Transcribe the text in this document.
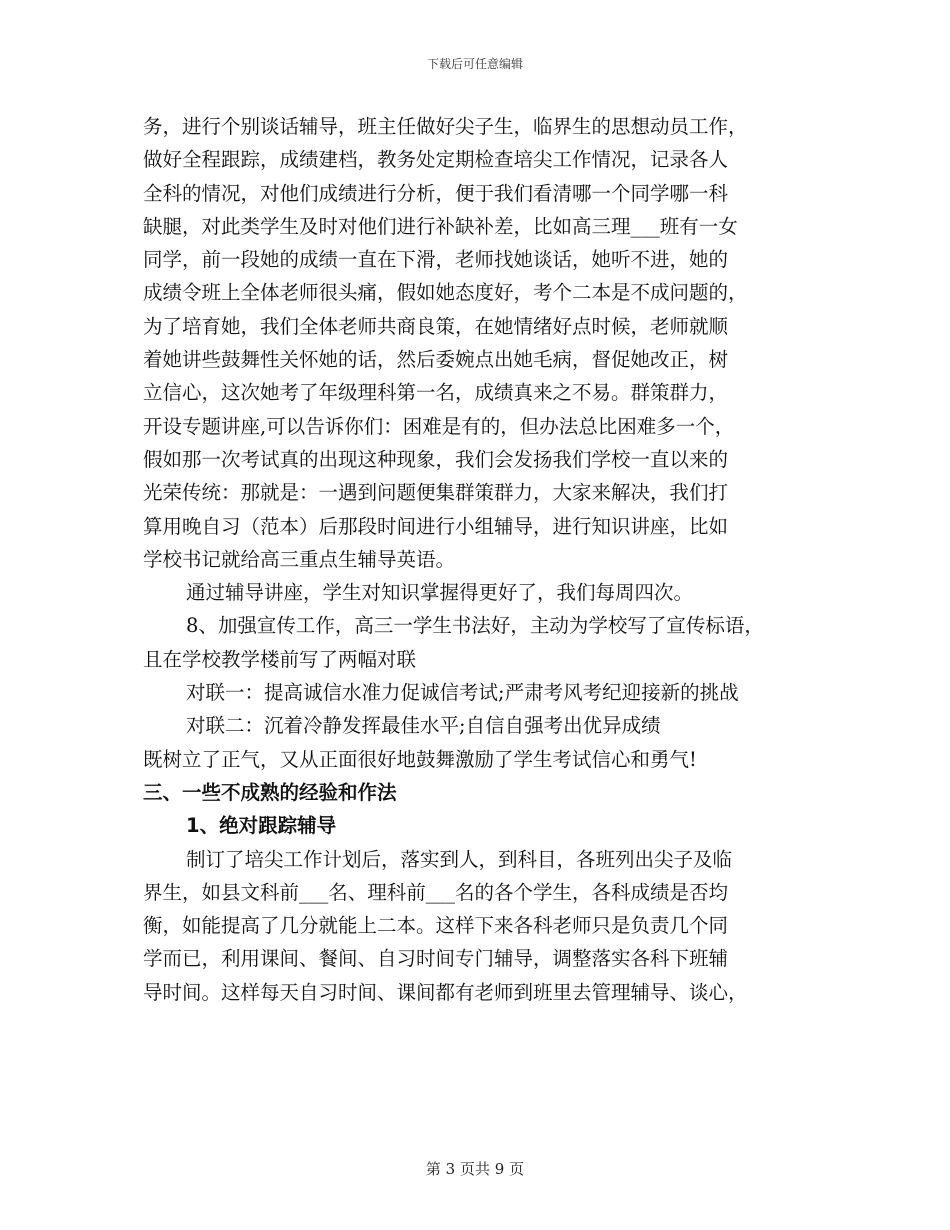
下载后可任意编辑
务，进行个别谈话辅导，班主任做好尖子生，临界生的思想动员工作，
做好全程跟踪，成绩建档，教务处定期检查培尖工作情况，记录各人
全科的情况，对他们成绩进行分析，便于我们看清哪一个同学哪一科
缺腿，对此类学生及时对他们进行补缺补差，比如高三理___班有一女
同学，前一段她的成绩一直在下滑，老师找她谈话，她听不进，她的
成绩令班上全体老师很头痛，假如她态度好，考个二本是不成问题的，
为了培育她，我们全体老师共商良策，在她情绪好点时候，老师就顺
着她讲些鼓舞性关怀她的话，然后委婉点出她毛病，督促她改正，树
立信心，这次她考了年级理科第一名，成绩真来之不易。群策群力，
开设专题讲座,可以告诉你们：困难是有的，但办法总比困难多一个，
假如那一次考试真的出现这种现象，我们会发扬我们学校一直以来的
光荣传统：那就是：一遇到问题便集群策群力，大家来解决，我们打
算用晚自习（范本）后那段时间进行小组辅导，进行知识讲座，比如
学校书记就给高三重点生辅导英语。
通过辅导讲座，学生对知识掌握得更好了，我们每周四次。
8、加强宣传工作，高三一学生书法好，主动为学校写了宣传标语，
且在学校教学楼前写了两幅对联
对联一：提高诚信水准力促诚信考试;严肃考风考纪迎接新的挑战
对联二：沉着冷静发挥最佳水平;自信自强考出优异成绩
既树立了正气，又从正面很好地鼓舞激励了学生考试信心和勇气!
三、一些不成熟的经验和作法
1、绝对跟踪辅导
制订了培尖工作计划后，落实到人，到科目，各班列出尖子及临
界生，如县文科前___名、理科前___名的各个学生，各科成绩是否均
衡，如能提高了几分就能上二本。这样下来各科老师只是负责几个同
学而已，利用课间、餐间、自习时间专门辅导，调整落实各科下班辅
导时间。这样每天自习时间、课间都有老师到班里去管理辅导、谈心，
第 3 页共 9 页
